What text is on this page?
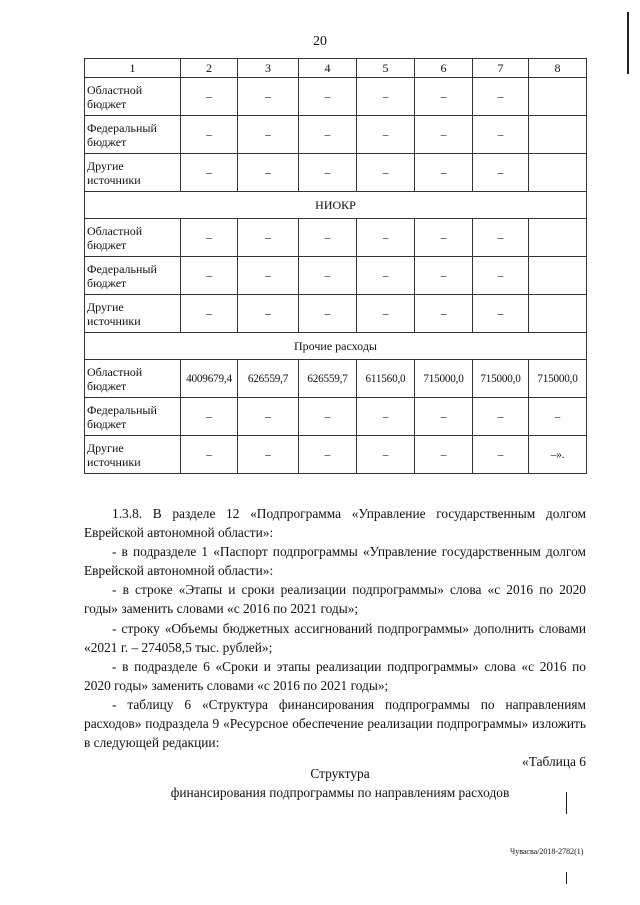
20
1	2	3	4	5	6	7	8
Областной бюджет	–	–	–	–	–	–	
Федеральный бюджет	–	–	–	–	–	–	
Другие источники	–	–	–	–	–	–	
НИОКР							
Областной бюджет	–	–	–	–	–	–	
Федеральный бюджет	–	–	–	–	–	–	
Другие источники	–	–	–	–	–	–	
Прочие расходы							
Областной бюджет	4009679,4	626559,7	626559,7	611560,0	715000,0	715000,0	715000,0
Федеральный бюджет	–	–	–	–	–	–	–
Другие источники	–	–	–	–	–	–	–».

1.3.8. В разделе 12 «Подпрограмма «Управление государственным долгом Еврейской автономной области»:

- в подразделе 1 «Паспорт подпрограммы «Управление государственным долгом Еврейской автономной области»:

- в строке «Этапы и сроки реализации подпрограммы» слова «с 2016 по 2020 годы» заменить словами «с 2016 по 2021 годы»;

- строку «Объемы бюджетных ассигнований подпрограммы» дополнить словами «2021 г. – 274058,5 тыс. рублей»;

- в подразделе 6 «Сроки и этапы реализации подпрограммы» слова «с 2016 по 2020 годы» заменить словами «с 2016 по 2021 годы»;

- таблицу 6 «Структура финансирования подпрограммы по направлениям расходов» подраздела 9 «Ресурсное обеспечение реализации подпрограммы» изложить в следующей редакции:

«Таблица 6

Структура
финансирования подпрограммы по направлениям расходов
Чувасва/2018-2782(1)
